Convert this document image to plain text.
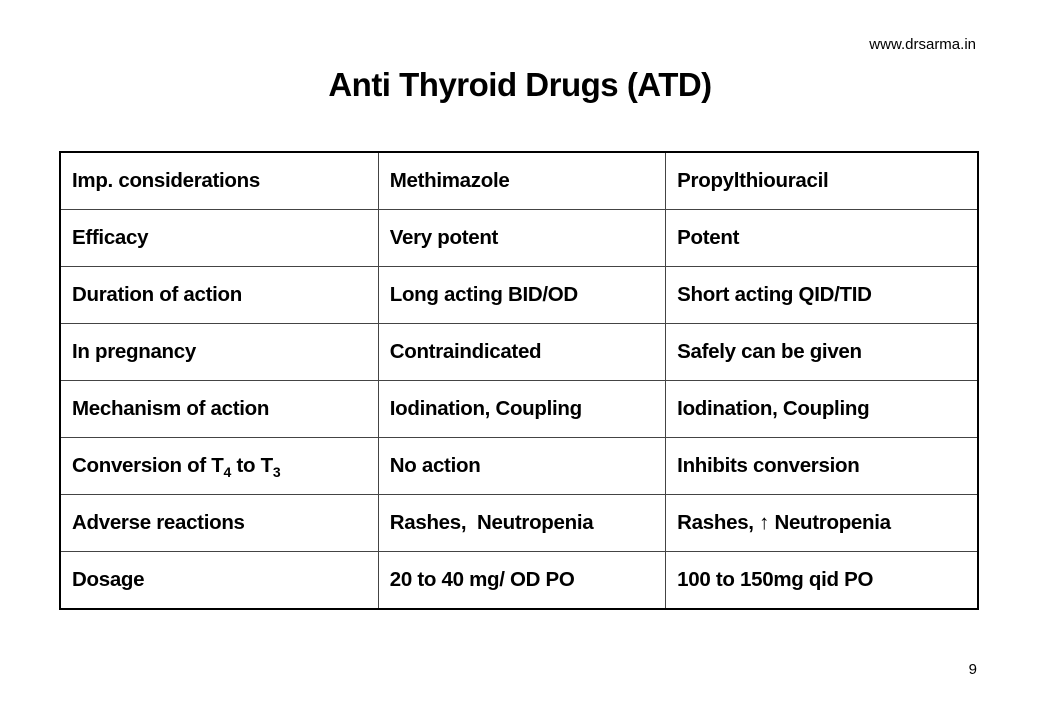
www.drsarma.in
Anti Thyroid Drugs (ATD)
Imp. considerations	Methimazole	Propylthiouracil
Efficacy	Very potent	Potent
Duration of action	Long acting BID/OD	Short acting QID/TID
In pregnancy	Contraindicated	Safely can be given
Mechanism of action	Iodination, Coupling	Iodination, Coupling
Conversion of $T_4$ to $T_3$	No action	Inhibits conversion
Adverse reactions	Rashes,  Neutropenia	Rashes, ↑ Neutropenia
Dosage	20 to 40 mg/ OD PO	100 to 150mg qid PO
9
